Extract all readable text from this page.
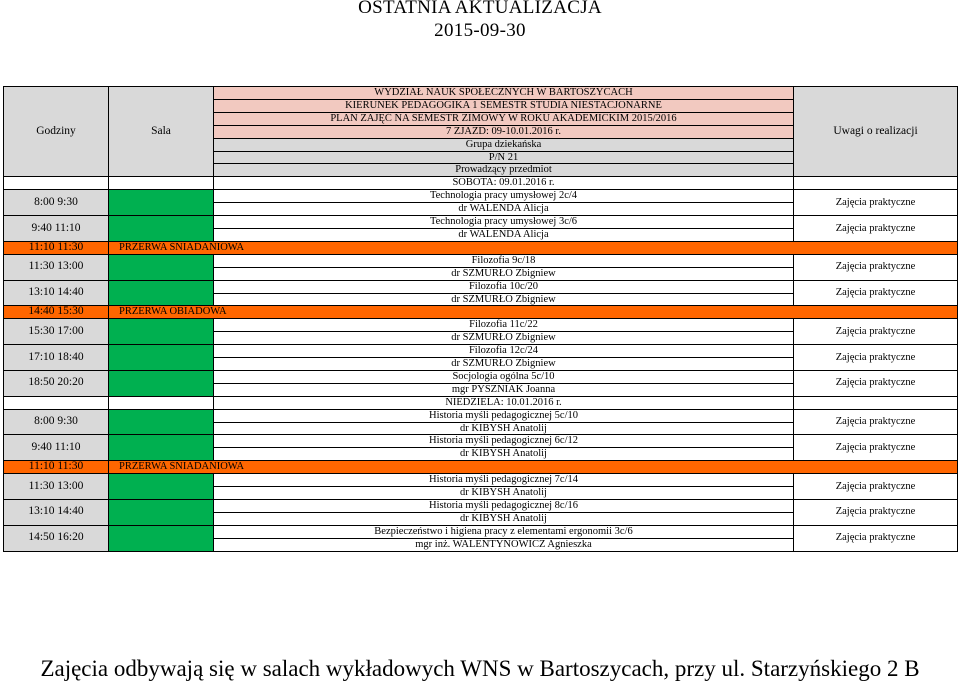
OSTATNIA AKTUALIZACJA
2015-09-30
Godziny	Sala	WYDZIAŁ NAUK SPOŁECZNYCH W BARTOSZYCACH	Uwagi o realizacji
		KIERUNEK PEDAGOGIKA 1 SEMESTR STUDIA NIESTACJONARNE	
		PLAN ZAJĘĆ NA SEMESTR ZIMOWY W ROKU AKADEMICKIM 2015/2016	
		7 ZJAZD: 09-10.01.2016 r.	
		Grupa dziekańska	
		P/N 21	
		Prowadzący przedmiot	
		SOBOTA: 09.01.2016 r.	
8:00 9:30		Technologia pracy umysłowej 2c/4	Zajęcia praktyczne
		dr WALENDA Alicja	
9:40 11:10		Technologia pracy umysłowej 3c/6	Zajęcia praktyczne
		dr WALENDA Alicja	
11:10 11:30	PRZERWA ŚNIADANIOWA		
11:30 13:00		Filozofia 9c/18	Zajęcia praktyczne
		dr SZMURŁO Zbigniew	
13:10 14:40		Filozofia 10c/20	Zajęcia praktyczne
		dr SZMURŁO Zbigniew	
14:40 15:30	PRZERWA OBIADOWA		
15:30 17:00		Filozofia 11c/22	Zajęcia praktyczne
		dr SZMURŁO Zbigniew	
17:10 18:40		Filozofia 12c/24	Zajęcia praktyczne
		dr SZMURŁO Zbigniew	
18:50 20:20		Socjologia ogólna 5c/10	Zajęcia praktyczne
		mgr PYSZNIAK Joanna	
		NIEDZIELA: 10.01.2016 r.	
8:00 9:30		Historia myśli pedagogicznej 5c/10	Zajęcia praktyczne
		dr KIBYSH Anatolij	
9:40 11:10		Historia myśli pedagogicznej 6c/12	Zajęcia praktyczne
		dr KIBYSH Anatolij	
11:10 11:30	PRZERWA ŚNIADANIOWA		
11:30 13:00		Historia myśli pedagogicznej 7c/14	Zajęcia praktyczne
		dr KIBYSH Anatolij	
13:10 14:40		Historia myśli pedagogicznej 8c/16	Zajęcia praktyczne
		dr KIBYSH Anatolij	
14:50 16:20		Bezpieczeństwo i higiena pracy z elementami ergonomii 3c/6	Zajęcia praktyczne
		mgr inż. WALENTYNOWICZ Agnieszka	
Zajęcia odbywają się w salach wykładowych WNS w Bartoszycach, przy ul. Starzyńskiego 2 B
